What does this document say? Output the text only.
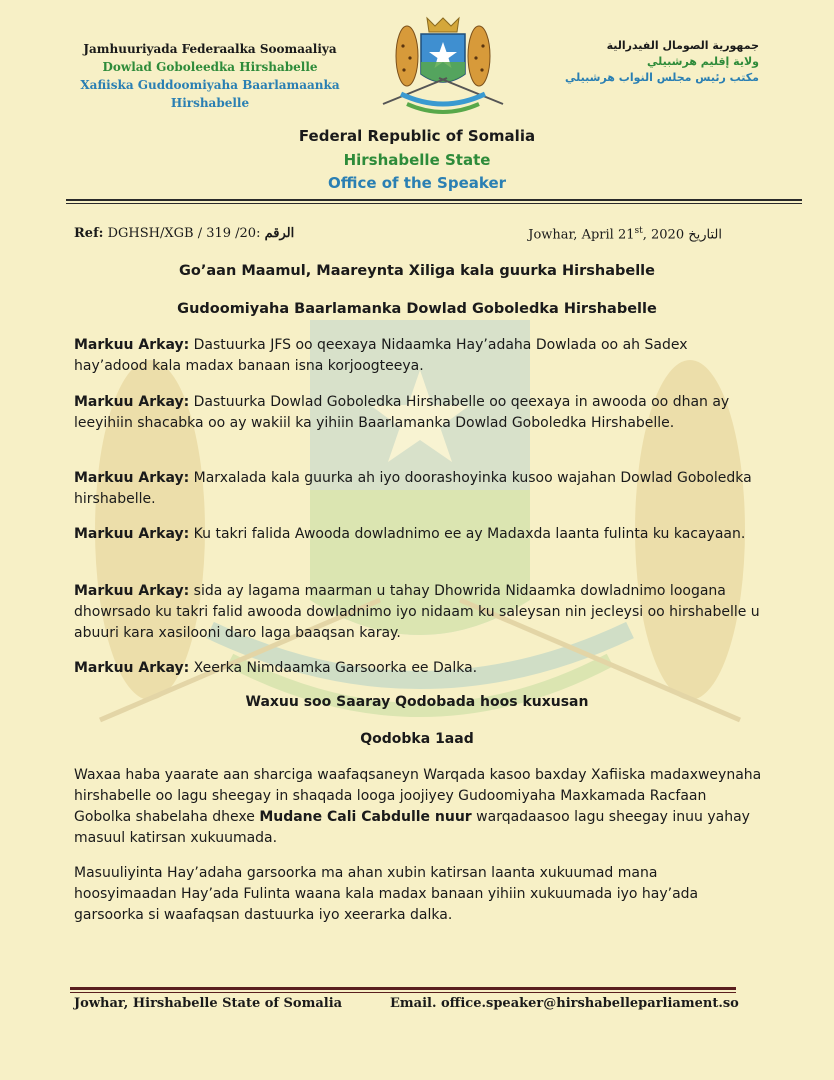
Jamhuuriyada Federaalka Soomaaliya
Dowlad Goboleedka Hirshabelle
Xafiiska Guddoomiyaha Baarlamaanka
Hirshabelle
جمهورية الصومال الفيدرالية
ولاية إقليم هرشبيلي
مكتب رئيس مجلس النواب هرشبيلي
Federal Republic of Somalia
Hirshabelle State
Office of the Speaker
Ref: DGHSH/XGB / 319 /20: الرقم	Jowhar, April 21st, 2020 التاريخ
Go’aan Maamul, Maareynta Xiliga kala guurka Hirshabelle
Gudoomiyaha Baarlamanka Dowlad Goboledka Hirshabelle
Markuu Arkay: Dastuurka JFS oo qeexaya Nidaamka Hay’adaha Dowlada oo ah Sadex hay’adood kala madax banaan isna korjoogteeya.
Markuu Arkay: Dastuurka Dowlad Goboledka Hirshabelle oo qeexaya in awooda oo dhan ay leeyihiin shacabka oo ay wakiil ka yihiin Baarlamanka Dowlad Goboledka Hirshabelle.
Markuu Arkay: Marxalada kala guurka ah iyo doorashoyinka kusoo wajahan Dowlad Goboledka hirshabelle.
Markuu Arkay: Ku takri falida Awooda dowladnimo ee ay Madaxda laanta fulinta ku kacayaan.
Markuu Arkay: sida ay lagama maarman u tahay Dhowrida Nidaamka dowladnimo loogana dhowrsado ku takri falid awooda dowladnimo iyo nidaam ku saleysan nin jecleysi oo hirshabelle u abuuri kara xasilooni daro laga baaqsan karay.
Markuu Arkay: Xeerka Nimdaamka Garsoorka ee Dalka.
Waxuu soo Saaray Qodobada hoos kuxusan
Qodobka 1aad
Waxaa haba yaarate aan sharciga waafaqsaneyn Warqada kasoo baxday Xafiiska madaxweynaha hirshabelle oo lagu sheegay in shaqada looga joojiyey Gudoomiyaha Maxkamada Racfaan Gobolka shabelaha dhexe Mudane Cali Cabdulle nuur warqadaasoo lagu sheegay inuu yahay masuul katirsan xukuumada.
Masuuliyinta Hay’adaha garsoorka ma ahan xubin katirsan laanta xukuumad mana hoosyimaadan Hay’ada Fulinta waana kala madax banaan yihiin xukuumada iyo hay’ada garsoorka si waafaqsan dastuurka iyo xeerarka dalka.
Jowhar, Hirshabelle State of Somalia	Email. office.speaker@hirshabelleparliament.so
